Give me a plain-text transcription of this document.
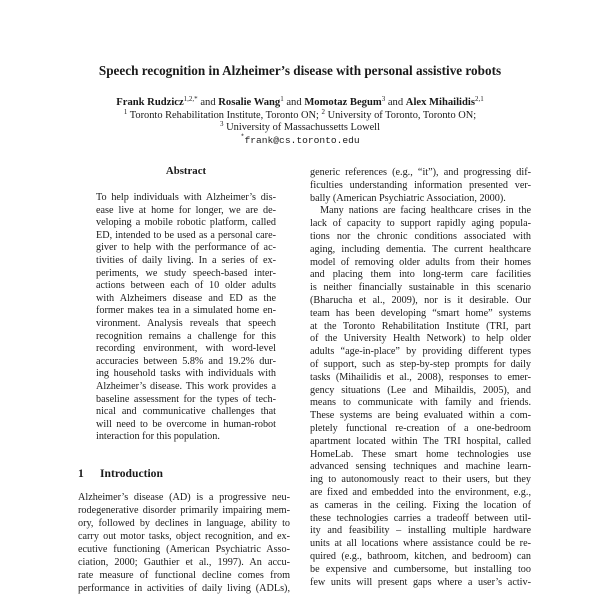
Speech recognition in Alzheimer’s disease with personal assistive robots
Frank Rudzicz$^{1,2,*}$ and Rosalie Wang$^1$ and Momotaz Begum$^3$ and Alex Mihailidis$^{2,1}$
$^1$ Toronto Rehabilitation Institute, Toronto ON; $^2$ University of Toronto, Toronto ON;
$^3$ University of Massachussetts Lowell
*frank@cs.toronto.edu
Abstract
To help individuals with Alzheimer’s dis-
ease live at home for longer, we are de-
veloping a mobile robotic platform, called
ED, intended to be used as a personal care-
giver to help with the performance of ac-
tivities of daily living. In a series of ex-
periments, we study speech-based inter-
actions between each of 10 older adults
with Alzheimers disease and ED as the
former makes tea in a simulated home en-
vironment. Analysis reveals that speech
recognition remains a challenge for this
recording environment, with word-level
accuracies between 5.8% and 19.2% dur-
ing household tasks with individuals with
Alzheimer’s disease. This work provides a
baseline assessment for the types of tech-
nical and communicative challenges that
will need to be overcome in human-robot
interaction for this population.
1 Introduction
Alzheimer’s disease (AD) is a progressive neu-
rodegenerative disorder primarily impairing mem-
ory, followed by declines in language, ability to
carry out motor tasks, object recognition, and ex-
ecutive functioning (American Psychiatric Asso-
ciation, 2000; Gauthier et al., 1997). An accu-
rate measure of functional decline comes from
performance in activities of daily living (ADLs),
generic references (e.g., “it”), and progressing dif-
ficulties understanding information presented ver-
bally (American Psychiatric Association, 2000).
Many nations are facing healthcare crises in the
lack of capacity to support rapidly aging popula-
tions nor the chronic conditions associated with
aging, including dementia. The current healthcare
model of removing older adults from their homes
and placing them into long-term care facilities
is neither financially sustainable in this scenario
(Bharucha et al., 2009), nor is it desirable. Our
team has been developing “smart home” systems
at the Toronto Rehabilitation Institute (TRI, part
of the University Health Network) to help older
adults “age-in-place” by providing different types
of support, such as step-by-step prompts for daily
tasks (Mihailidis et al., 2008), responses to emer-
gency situations (Lee and Mihaildis, 2005), and
means to communicate with family and friends.
These systems are being evaluated within a com-
pletely functional re-creation of a one-bedroom
apartment located within The TRI hospital, called
HomeLab. These smart home technologies use
advanced sensing techniques and machine learn-
ing to autonomously react to their users, but they
are fixed and embedded into the environment, e.g.,
as cameras in the ceiling. Fixing the location of
these technologies carries a tradeoff between util-
ity and feasibility – installing multiple hardware
units at all locations where assistance could be re-
quired (e.g., bathroom, kitchen, and bedroom) can
be expensive and cumbersome, but installing too
few units will present gaps where a user’s activ-
